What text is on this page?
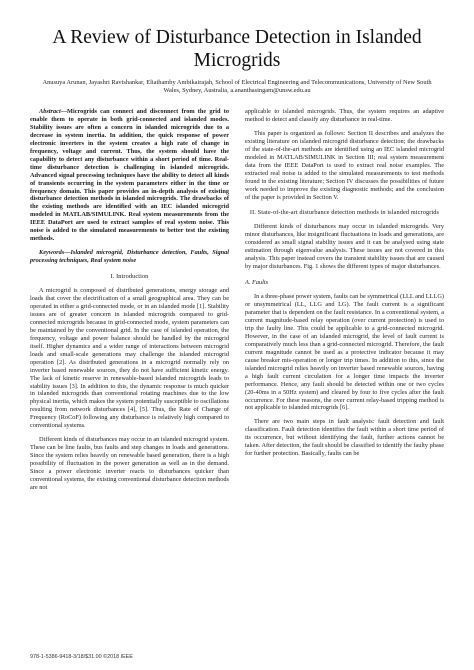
A Review of Disturbance Detection in Islanded Microgrids
Anusuya Arunan, Jayashri Ravishankar, Eliathamby Ambikairajah, School of Electrical Engineering and Telecommunications, University of New South Wales, Sydney, Australia, a.ananthasingam@unsw.edu.au

Abstract—Microgrids can connect and disconnect from the grid to enable them to operate in both grid-connected and islanded modes. Stability issues are often a concern in islanded microgrids due to a decrease in system inertia. In addition, the quick response of power electronic inverters in the system creates a high rate of change in frequency, voltage and current. Thus, the system should have the capability to detect any disturbance within a short period of time. Real-time disturbance detection is challenging in islanded microgrids. Advanced signal processing techniques have the ability to detect all kinds of transients occurring in the system parameters either in the time or frequency domain. This paper provides an in-depth analysis of existing disturbance detection methods in islanded microgrids. The drawbacks of the existing methods are identified with an IEC islanded microgrid modeled in MATLAB/SIMULINK. Real system measurements from the IEEE DataPort are used to extract samples of real system noise. This noise is added to the simulated measurements to better test the existing methods.

Keywords—Islanded microgrid, Disturbance detection, Faults, Signal processing techniques, Real system noise

I. Introduction

A microgrid is composed of distributed generations, energy storage and loads that cover the electrification of a small geographical area. They can be operated in either a grid-connected mode, or in an islanded mode [1]. Stability issues are of greater concern in islanded microgrids compared to grid-connected microgrids because in grid-connected mode, system parameters can be maintained by the conventional grid. In the case of islanded operation, the frequency, voltage and power balance should be handled by the microgrid itself. Higher dynamics and a wider range of interactions between microgrid loads and small-scale generations may challenge the islanded microgrid operation [2]. As distributed generations in a microgrid normally rely on inverter based renewable sources, they do not have sufficient kinetic energy. The lack of kinetic reserve in renewable-based islanded microgrids leads to stability issues [3]. In addition to this, the dynamic response is much quicker in islanded microgrids than conventional rotating machines due to the low physical inertia, which makes the system potentially susceptible to oscillations resulting from network disturbances [4], [5]. Thus, the Rate of Change of Frequency (RoCoF) following any disturbance is relatively high compared to conventional systems.

Different kinds of disturbances may occur in an islanded microgrid system. These can be line faults, bus faults and step changes in loads and generations. Since the system relies heavily on renewable based generation, there is a high possibility of fluctuation in the power generation as well as in the demand. Since a power electronic inverter reacts to disturbances quicker than conventional systems, the existing conventional disturbance detection methods are not

applicable to islanded microgrids. Thus, the system requires an adaptive method to detect and classify any disturbance in real-time.

This paper is organized as follows: Section II describes and analyzes the existing literature on islanded microgrid disturbance detection; the drawbacks of the state-of-the-art methods are identified using an IEC islanded microgrid modeled in MATLAB/SIMULINK in Section III; real system measurement data from the IEEE DataPort is used to extract real noise examples. The extracted real noise is added to the simulated measurements to test methods found in the existing literature; Section IV discusses the possibilities of future work needed to improve the existing diagnostic methods; and the conclusion of the paper is provided in Section V.

II. State-of-the-art disturbance detection methods in islanded microgrids

Different kinds of disturbances may occur in islanded microgrids. Very minor disturbances, like insignificant fluctuations in loads and generations, are considered as small signal stability issues and it can be analysed using state estimation through eigenvalue analysis. These issues are not covered in this analysis. This paper instead covers the transient stability issues that are caused by major disturbances. Fig. 1 shows the different types of major disturbances.

A. Faults

In a three-phase power system, faults can be symmetrical (LLL and LLLG) or unsymmetrical (LL, LLG and LG). The fault current is a significant parameter that is dependent on the fault resistance. In a conventional system, a current magnitude-based relay operation (over current protection) is used to trip the faulty line. This could be applicable to a grid-connected microgrid. However, in the case of an islanded microgrid, the level of fault current is comparatively much less than a grid-connected microgrid. Therefore, the fault current magnitude cannot be used as a protective indicator because it may cause breaker mis-operation or longer trip times. In addition to this, since the islanded microgrid relies heavily on inverter based renewable sources, having a high fault current circulation for a longer time impacts the inverter performance. Hence, any fault should be detected within one or two cycles (20-40ms in a 50Hz system) and cleared by four to five cycles after the fault occurrence. For these reasons, the over current relay-based tripping method is not applicable to islanded microgrids [6].

There are two main steps in fault analysis: fault detection and fault classification. Fault detection identifies the fault within a short time period of its occurrence, but without identifying the fault, further actions cannot be taken. After detection, the fault should be classified to identify the faulty phase for further protection. Basically, faults can be

978-1-5386-9418-3/18/$31.00 ©2018 IEEE
